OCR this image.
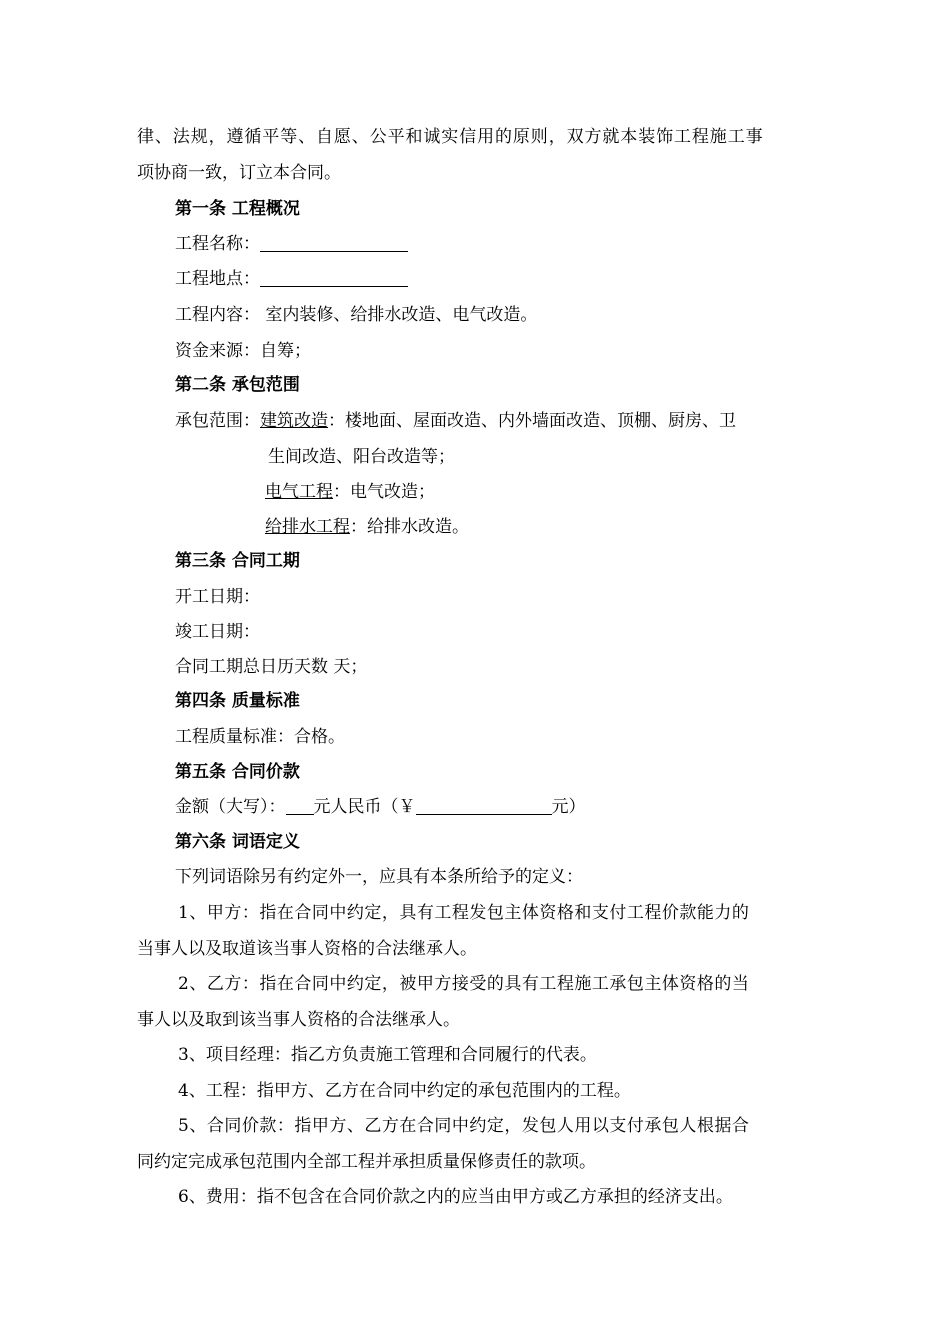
律、法规，遵循平等、自愿、公平和诚实信用的原则，双方就本装饰工程施工事
项协商一致，订立本合同。
第一条 工程概况
工程名称：
工程地点：
工程内容： 室内装修、给排水改造、电气改造。
资金来源：自筹；
第二条 承包范围
承包范围：建筑改造：楼地面、屋面改造、内外墙面改造、顶棚、厨房、卫
生间改造、阳台改造等；
电气工程：电气改造；
给排水工程：给排水改造。
第三条 合同工期
开工日期：
竣工日期：
合同工期总日历天数 天；
第四条 质量标准
工程质量标准：合格。
第五条 合同价款
金额（大写）： 元人民币（￥	元）
第六条 词语定义
下列词语除另有约定外一，应具有本条所给予的定义：
1、甲方：指在合同中约定，具有工程发包主体资格和支付工程价款能力的
当事人以及取道该当事人资格的合法继承人。
2、乙方：指在合同中约定，被甲方接受的具有工程施工承包主体资格的当
事人以及取到该当事人资格的合法继承人。
3、项目经理：指乙方负责施工管理和合同履行的代表。
4、工程：指甲方、乙方在合同中约定的承包范围内的工程。
5、合同价款：指甲方、乙方在合同中约定，发包人用以支付承包人根据合
同约定完成承包范围内全部工程并承担质量保修责任的款项。
6、费用：指不包含在合同价款之内的应当由甲方或乙方承担的经济支出。
